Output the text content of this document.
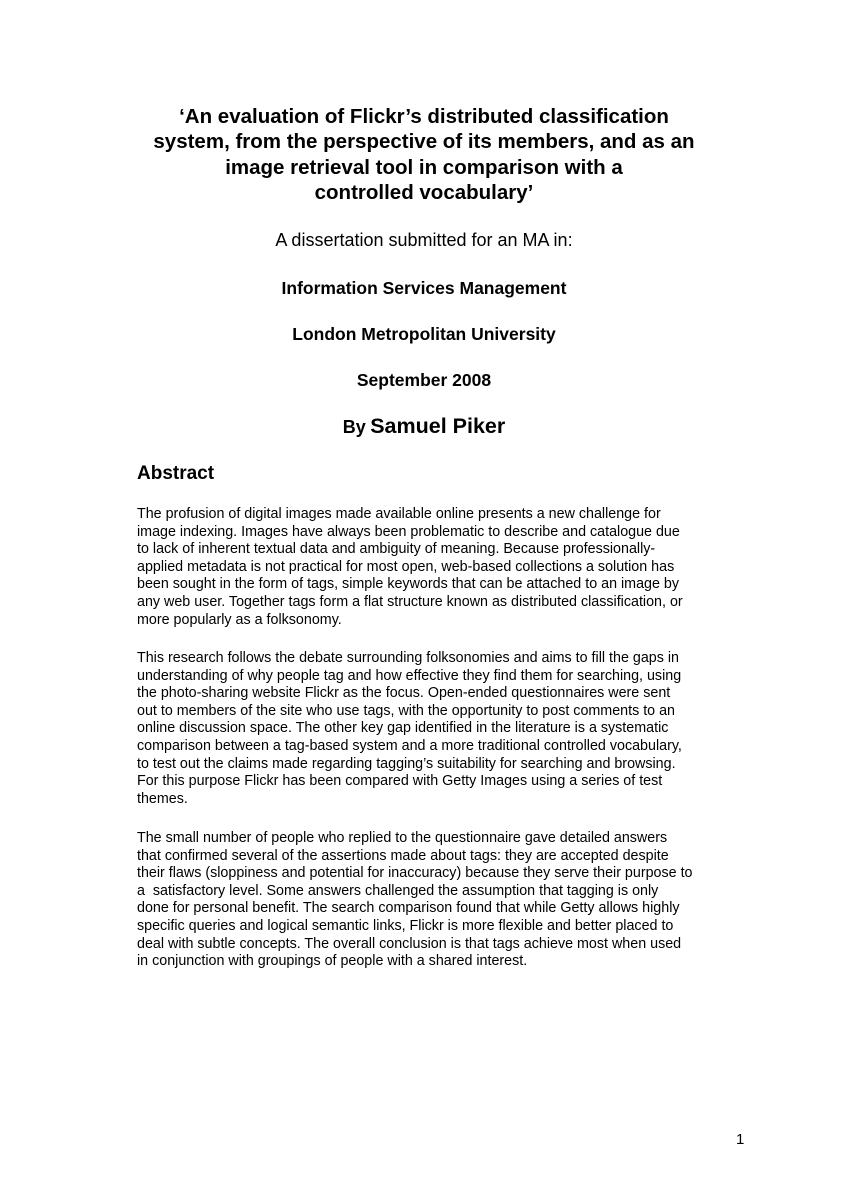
‘An evaluation of Flickr’s distributed classification
system, from the perspective of its members, and as an
image retrieval tool in comparison with a
controlled vocabulary’
A dissertation submitted for an MA in:
Information Services Management
London Metropolitan University
September 2008
By Samuel Piker
Abstract
The profusion of digital images made available online presents a new challenge for
image indexing. Images have always been problematic to describe and catalogue due
to lack of inherent textual data and ambiguity of meaning. Because professionally-
applied metadata is not practical for most open, web-based collections a solution has
been sought in the form of tags, simple keywords that can be attached to an image by
any web user. Together tags form a flat structure known as distributed classification, or
more popularly as a folksonomy.
This research follows the debate surrounding folksonomies and aims to fill the gaps in
understanding of why people tag and how effective they find them for searching, using
the photo-sharing website Flickr as the focus. Open-ended questionnaires were sent
out to members of the site who use tags, with the opportunity to post comments to an
online discussion space. The other key gap identified in the literature is a systematic
comparison between a tag-based system and a more traditional controlled vocabulary,
to test out the claims made regarding tagging’s suitability for searching and browsing.
For this purpose Flickr has been compared with Getty Images using a series of test
themes.
The small number of people who replied to the questionnaire gave detailed answers
that confirmed several of the assertions made about tags: they are accepted despite
their flaws (sloppiness and potential for inaccuracy) because they serve their purpose to
a  satisfactory level. Some answers challenged the assumption that tagging is only
done for personal benefit. The search comparison found that while Getty allows highly
specific queries and logical semantic links, Flickr is more flexible and better placed to
deal with subtle concepts. The overall conclusion is that tags achieve most when used
in conjunction with groupings of people with a shared interest.
1
